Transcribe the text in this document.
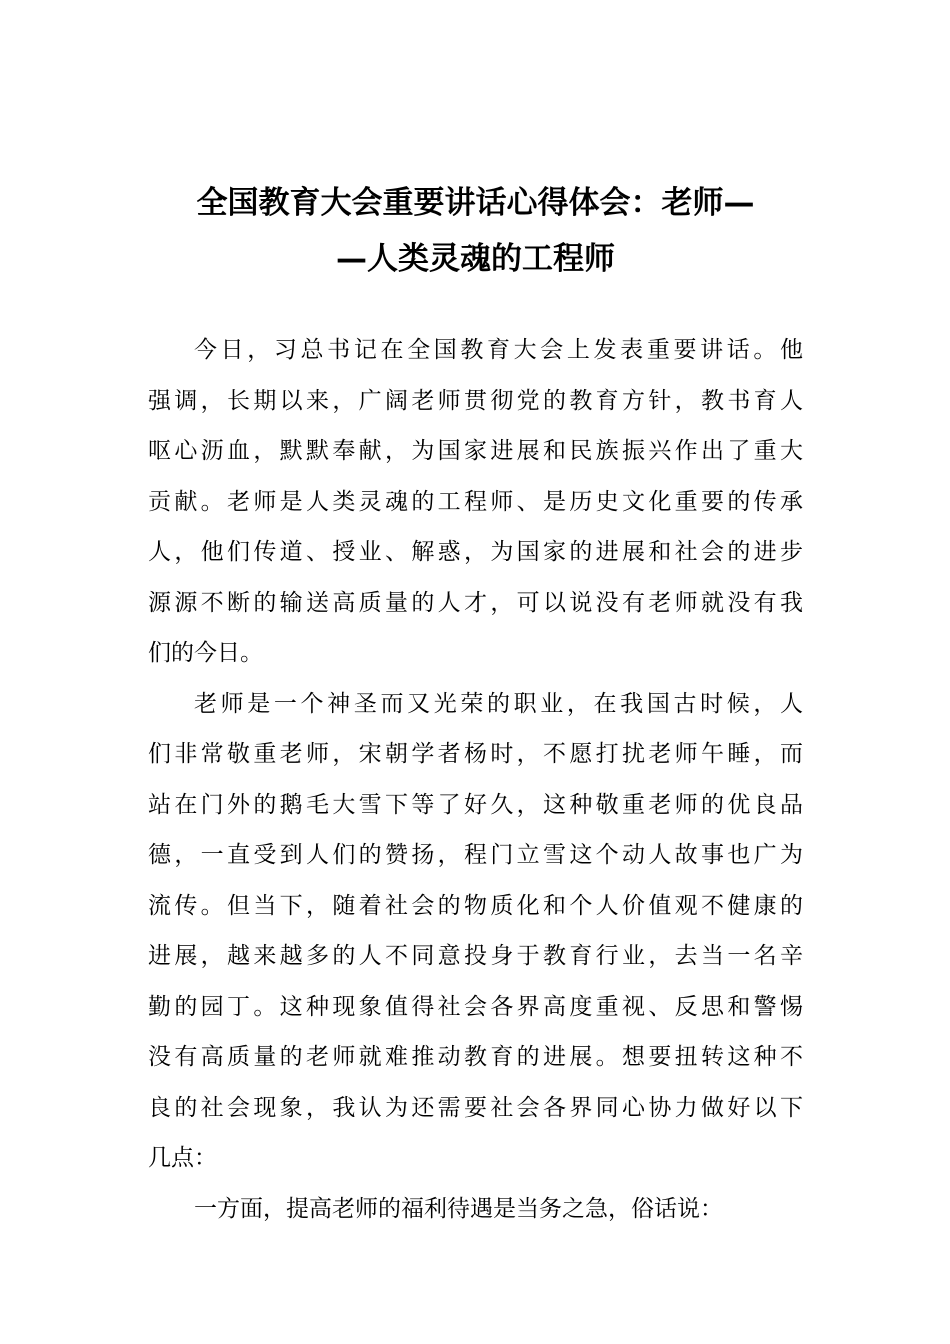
全国教育大会重要讲话心得体会：老师—
—人类灵魂的工程师

今日，习总书记在全国教育大会上发表重要讲话。他
强调，长期以来，广阔老师贯彻党的教育方针，教书育人
呕心沥血，默默奉献，为国家进展和民族振兴作出了重大
贡献。老师是人类灵魂的工程师、是历史文化重要的传承
人，他们传道、授业、解惑，为国家的进展和社会的进步
源源不断的输送高质量的人才，可以说没有老师就没有我
们的今日。

老师是一个神圣而又光荣的职业，在我国古时候，人
们非常敬重老师，宋朝学者杨时，不愿打扰老师午睡，而
站在门外的鹅毛大雪下等了好久，这种敬重老师的优良品
德，一直受到人们的赞扬，程门立雪这个动人故事也广为
流传。但当下，随着社会的物质化和个人价值观不健康的
进展，越来越多的人不同意投身于教育行业，去当一名辛
勤的园丁。这种现象值得社会各界高度重视、反思和警惕
没有高质量的老师就难推动教育的进展。想要扭转这种不
良的社会现象，我认为还需要社会各界同心协力做好以下
几点：

一方面，提高老师的福利待遇是当务之急，俗话说：
